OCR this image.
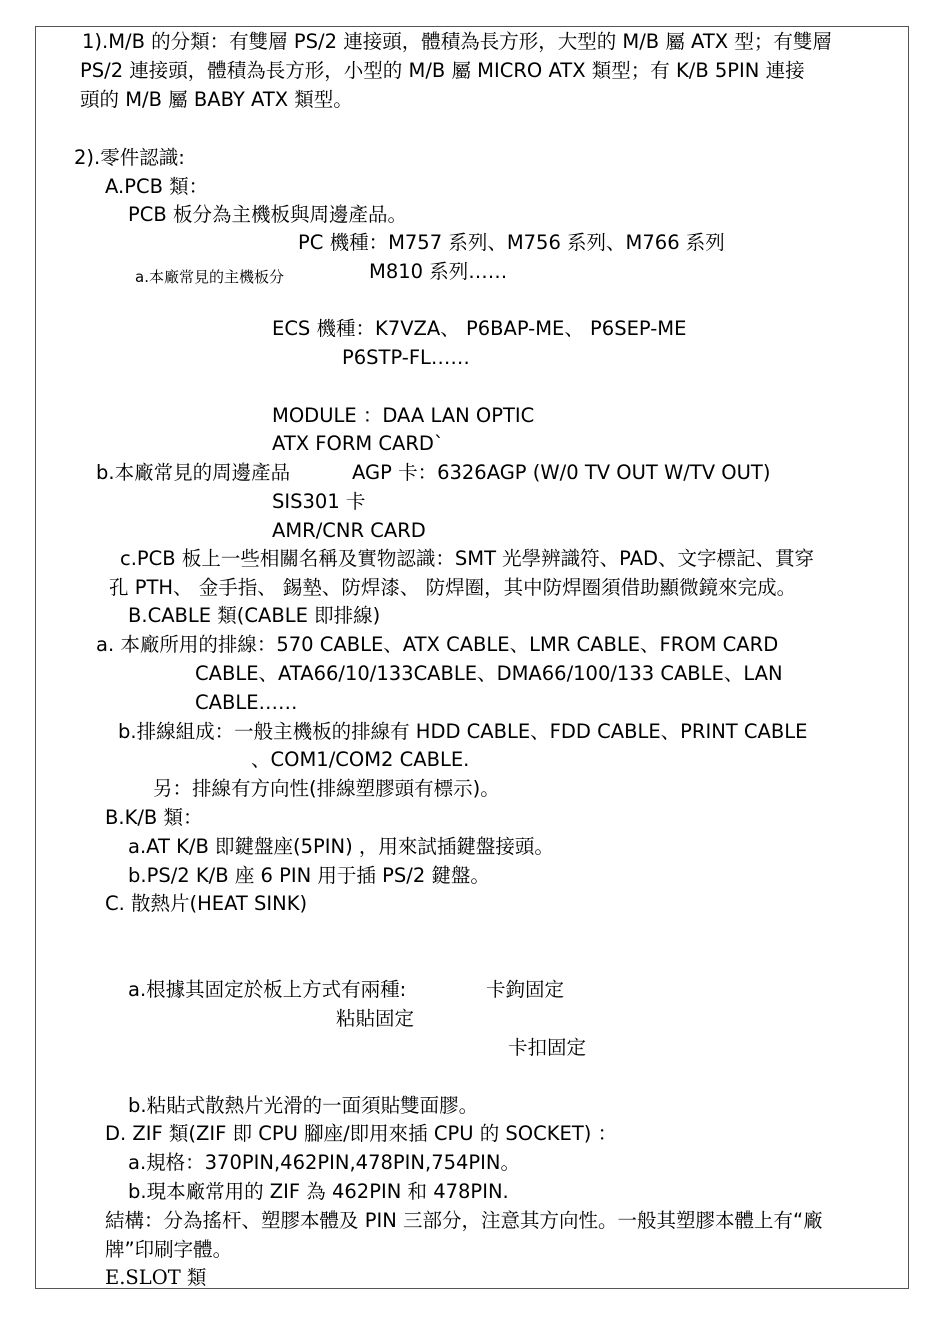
1).M/B 的分類：有雙層 PS/2 連接頭，體積為長方形，大型的 M/B 屬 ATX 型；有雙層
PS/2 連接頭，體積為長方形，小型的 M/B 屬 MICRO ATX 類型；有 K/B 5PIN 連接
頭的 M/B 屬 BABY ATX 類型。
2).零件認識:
A.PCB 類：
PCB 板分為主機板與周邊產品。
PC 機種：M757 系列、M756 系列、M766 系列
a.本廠常見的主機板分	M810 系列……
ECS 機種：K7VZA、 P6BAP-ME、 P6SEP-ME
P6STP-FL……
MODULE ：DAA LAN OPTIC
ATX FORM CARD`
b.本廠常見的周邊產品	AGP 卡：6326AGP (W/0 TV OUT W/TV OUT)
SIS301 卡
AMR/CNR CARD
c.PCB 板上一些相關名稱及實物認識：SMT 光學辨識符、PAD、文字標記、貫穿
孔 PTH、 金手指、 錫墊、防焊漆、 防焊圈，其中防焊圈須借助顯微鏡來完成。
B.CABLE 類(CABLE 即排線)
a. 本廠所用的排線：570 CABLE、ATX CABLE、LMR CABLE、FROM CARD
CABLE、ATA66/10/133CABLE、DMA66/100/133 CABLE、LAN
CABLE……
b.排線組成：一般主機板的排線有 HDD CABLE、FDD CABLE、PRINT CABLE
、COM1/COM2 CABLE.
另：排線有方向性(排線塑膠頭有標示)。
B.K/B 類：
a.AT K/B 即鍵盤座(5PIN) ，用來試插鍵盤接頭。
b.PS/2 K/B 座 6 PIN 用于插 PS/2 鍵盤。
C. 散熱片(HEAT SINK)
a.根據其固定於板上方式有兩種:	卡鉤固定
粘貼固定
卡扣固定
b.粘貼式散熱片光滑的一面須貼雙面膠。
D. ZIF 類(ZIF 即 CPU 腳座/即用來插 CPU 的 SOCKET) ：
a.規格：370PIN,462PIN,478PIN,754PIN。
b.現本廠常用的 ZIF 為 462PIN 和 478PIN.
結構：分為搖杆、塑膠本體及 PIN 三部分，注意其方向性。一般其塑膠本體上有“廠
牌”印刷字體。
E.SLOT 類
